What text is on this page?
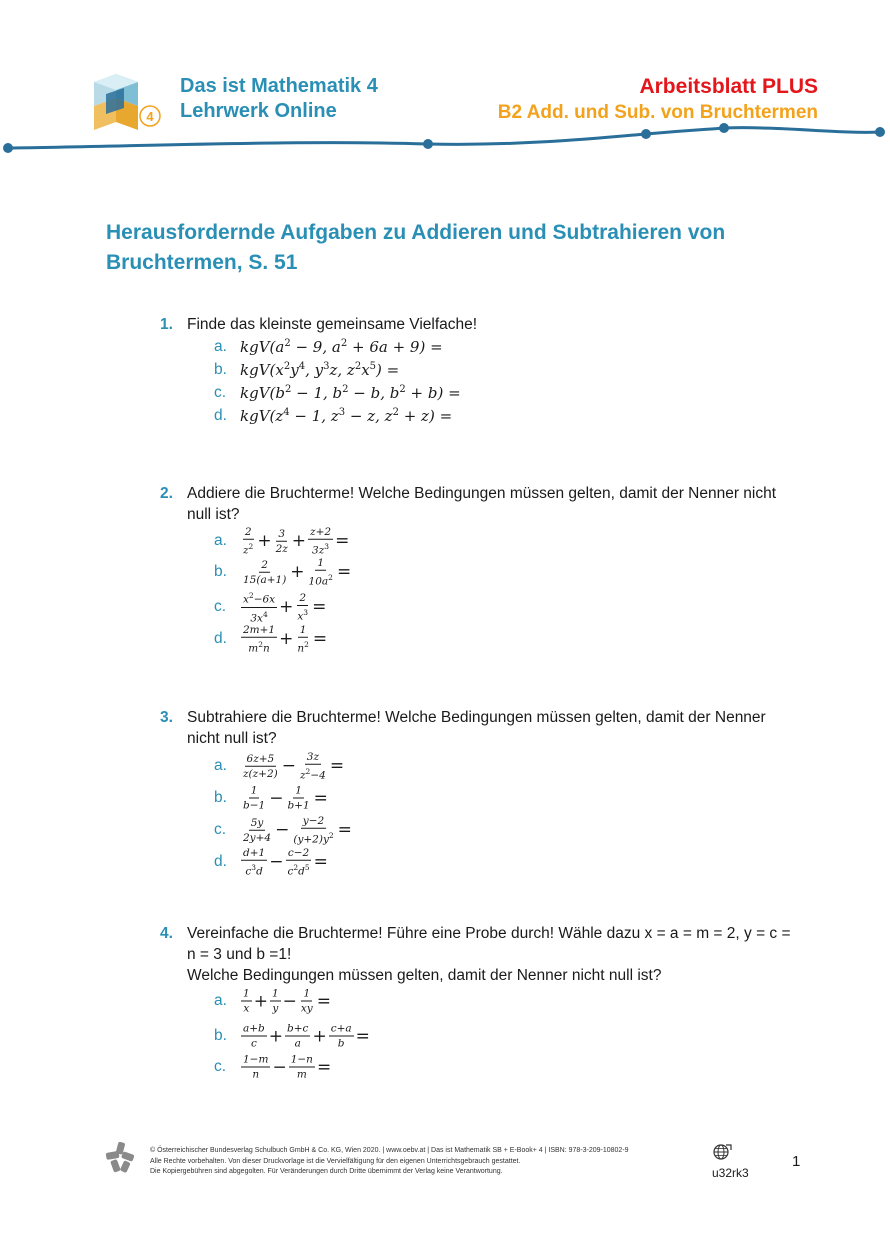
4
Das ist Mathematik 4
Lehrwerk Online
Arbeitsblatt PLUS
B2 Add. und Sub. von Bruchtermen
Herausfordernde Aufgaben zu Addieren und Subtrahieren von Bruchtermen, S. 51
1. Finde das kleinste gemeinsame Vielfache!
a. $kgV(a^2 - 9$, $a^2 + 6a + 9$) =
b. $kgV(x^2y^4$, $y^3z$, $z^2x^5$) =
c. $kgV(b^2 - 1$, $b^2 - b$, $b^2 + b$) =
d. $kgV(z^4 - 1$, $z^3 - z$, $z^2 + z$) =
2. Addiere die Bruchterme! Welche Bedingungen müssen gelten, damit der Nenner nicht null ist?
a. $\frac{2}{z^2} + \frac{3}{2z} + \frac{z+2}{3z^3}$ =
b. $\frac{2}{15(a+1)} + \frac{1}{10a^2}$ =
c. $\frac{x^2-6x}{3x^4} + \frac{2}{x^3}$ =
d. $\frac{2m+1}{m^2n} + \frac{1}{n^2}$ =
3. Subtrahiere die Bruchterme! Welche Bedingungen müssen gelten, damit der Nenner nicht null ist?
a. $\frac{6z+5}{z(z+2)} - \frac{3z}{z^2-4}$ =
b. $\frac{1}{b-1} - \frac{1}{b+1}$ =
c. $\frac{5y}{2y+4} - \frac{y-2}{(y+2)y^2}$ =
d. $\frac{d+1}{c^3d} - \frac{c-2}{c^2d^5}$ =
4. Vereinfache die Bruchterme! Führe eine Probe durch! Wähle dazu x = a = m = 2, y = c = n = 3 und b =1!
Welche Bedingungen müssen gelten, damit der Nenner nicht null ist?
a. $\frac{1}{x} + \frac{1}{y} - \frac{1}{xy}$ =
b. $\frac{a+b}{c} + \frac{b+c}{a} + \frac{c+a}{b}$ =
c. $\frac{1-m}{n} - \frac{1-n}{m}$ =
© Österreichischer Bundesverlag Schulbuch GmbH & Co. KG, Wien 2020. | www.oebv.at | Das ist Mathematik SB + E-Book+ 4 | ISBN: 978-3-209-10802-9
Alle Rechte vorbehalten. Von dieser Druckvorlage ist die Vervielfältigung für den eigenen Unterrichtsgebrauch gestattet.
Die Kopiergebühren sind abgegolten. Für Veränderungen durch Dritte übernimmt der Verlag keine Verantwortung.	u32rk3
1
